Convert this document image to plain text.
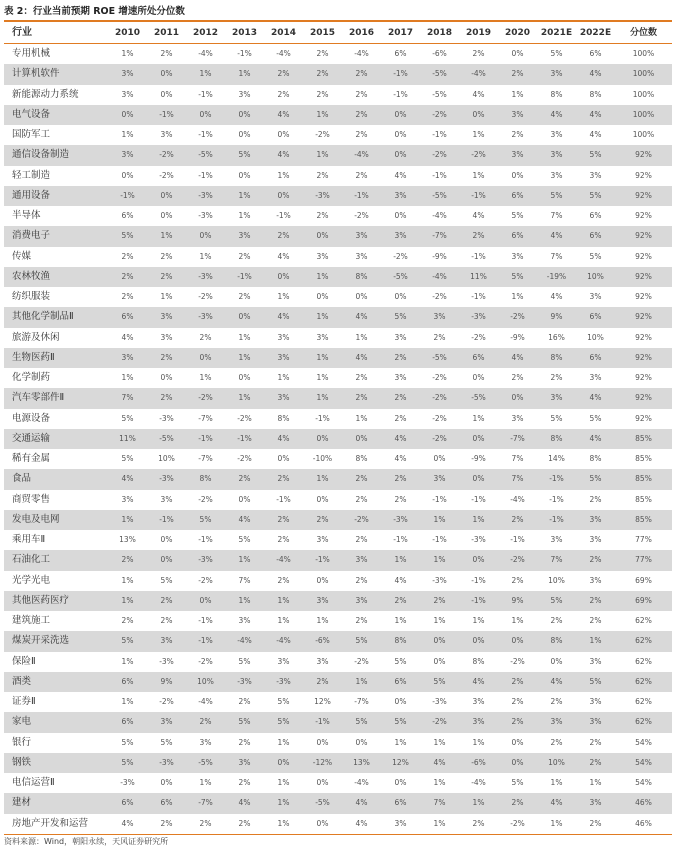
表 2：行业当前预期 ROE 增速所处分位数
行业	2010	2011	2012	2013	2014	2015	2016	2017	2018	2019	2020	2021E	2022E	分位数
专用机械	1%	2%	-4%	-1%	-4%	2%	-4%	6%	-6%	2%	0%	5%	6%	100%
计算机软件	3%	0%	1%	1%	2%	2%	2%	-1%	-5%	-4%	2%	3%	4%	100%
新能源动力系统	3%	0%	-1%	3%	2%	2%	2%	-1%	-5%	4%	1%	8%	8%	100%
电气设备	0%	-1%	0%	0%	4%	1%	2%	0%	-2%	0%	3%	4%	4%	100%
国防军工	1%	3%	-1%	0%	0%	-2%	2%	0%	-1%	1%	2%	3%	4%	100%
通信设备制造	3%	-2%	-5%	5%	4%	1%	-4%	0%	-2%	-2%	3%	3%	5%	92%
轻工制造	0%	-2%	-1%	0%	1%	2%	2%	4%	-1%	1%	0%	3%	3%	92%
通用设备	-1%	0%	-3%	1%	0%	-3%	-1%	3%	-5%	-1%	6%	5%	5%	92%
半导体	6%	0%	-3%	1%	-1%	2%	-2%	0%	-4%	4%	5%	7%	6%	92%
消费电子	5%	1%	0%	3%	2%	0%	3%	3%	-7%	2%	6%	4%	6%	92%
传媒	2%	2%	1%	2%	4%	3%	3%	-2%	-9%	-1%	3%	7%	5%	92%
农林牧渔	2%	2%	-3%	-1%	0%	1%	8%	-5%	-4%	11%	5%	-19%	10%	92%
纺织服装	2%	1%	-2%	2%	1%	0%	0%	0%	-2%	-1%	1%	4%	3%	92%
其他化学制品Ⅱ	6%	3%	-3%	0%	4%	1%	4%	5%	3%	-3%	-2%	9%	6%	92%
旅游及休闲	4%	3%	2%	1%	3%	3%	1%	3%	2%	-2%	-9%	16%	10%	92%
生物医药Ⅱ	3%	2%	0%	1%	3%	1%	4%	2%	-5%	6%	4%	8%	6%	92%
化学制药	1%	0%	1%	0%	1%	1%	2%	3%	-2%	0%	2%	2%	3%	92%
汽车零部件Ⅱ	7%	2%	-2%	1%	3%	1%	2%	2%	-2%	-5%	0%	3%	4%	92%
电源设备	5%	-3%	-7%	-2%	8%	-1%	1%	2%	-2%	1%	3%	5%	5%	92%
交通运输	11%	-5%	-1%	-1%	4%	0%	0%	4%	-2%	0%	-7%	8%	4%	85%
稀有金属	5%	10%	-7%	-2%	0%	-10%	8%	4%	0%	-9%	7%	14%	8%	85%
食品	4%	-3%	8%	2%	2%	1%	2%	2%	3%	0%	7%	-1%	5%	85%
商贸零售	3%	3%	-2%	0%	-1%	0%	2%	2%	-1%	-1%	-4%	-1%	2%	85%
发电及电网	1%	-1%	5%	4%	2%	2%	-2%	-3%	1%	1%	2%	-1%	3%	85%
乘用车Ⅱ	13%	0%	-1%	5%	2%	3%	2%	-1%	-1%	-3%	-1%	3%	3%	77%
石油化工	2%	0%	-3%	1%	-4%	-1%	3%	1%	1%	0%	-2%	7%	2%	77%
光学光电	1%	5%	-2%	7%	2%	0%	2%	4%	-3%	-1%	2%	10%	3%	69%
其他医药医疗	1%	2%	0%	1%	1%	3%	3%	2%	2%	-1%	9%	5%	2%	69%
建筑施工	2%	2%	-1%	3%	1%	1%	2%	1%	1%	1%	1%	2%	2%	62%
煤炭开采洗选	5%	3%	-1%	-4%	-4%	-6%	5%	8%	0%	0%	0%	8%	1%	62%
保险Ⅱ	1%	-3%	-2%	5%	3%	3%	-2%	5%	0%	8%	-2%	0%	3%	62%
酒类	6%	9%	10%	-3%	-3%	2%	1%	6%	5%	4%	2%	4%	5%	62%
证券Ⅱ	1%	-2%	-4%	2%	5%	12%	-7%	0%	-3%	3%	2%	2%	3%	62%
家电	6%	3%	2%	5%	5%	-1%	5%	5%	-2%	3%	2%	3%	3%	62%
银行	5%	5%	3%	2%	1%	0%	0%	1%	1%	1%	0%	2%	2%	54%
钢铁	5%	-3%	-5%	3%	0%	-12%	13%	12%	4%	-6%	0%	10%	2%	54%
电信运营Ⅱ	-3%	0%	1%	2%	1%	0%	-4%	0%	1%	-4%	5%	1%	1%	54%
建材	6%	6%	-7%	4%	1%	-5%	4%	6%	7%	1%	2%	4%	3%	46%
房地产开发和运营	4%	2%	2%	2%	1%	0%	4%	3%	1%	2%	-2%	1%	2%	46%
资料来源：Wind，朝阳永续，天风证券研究所
